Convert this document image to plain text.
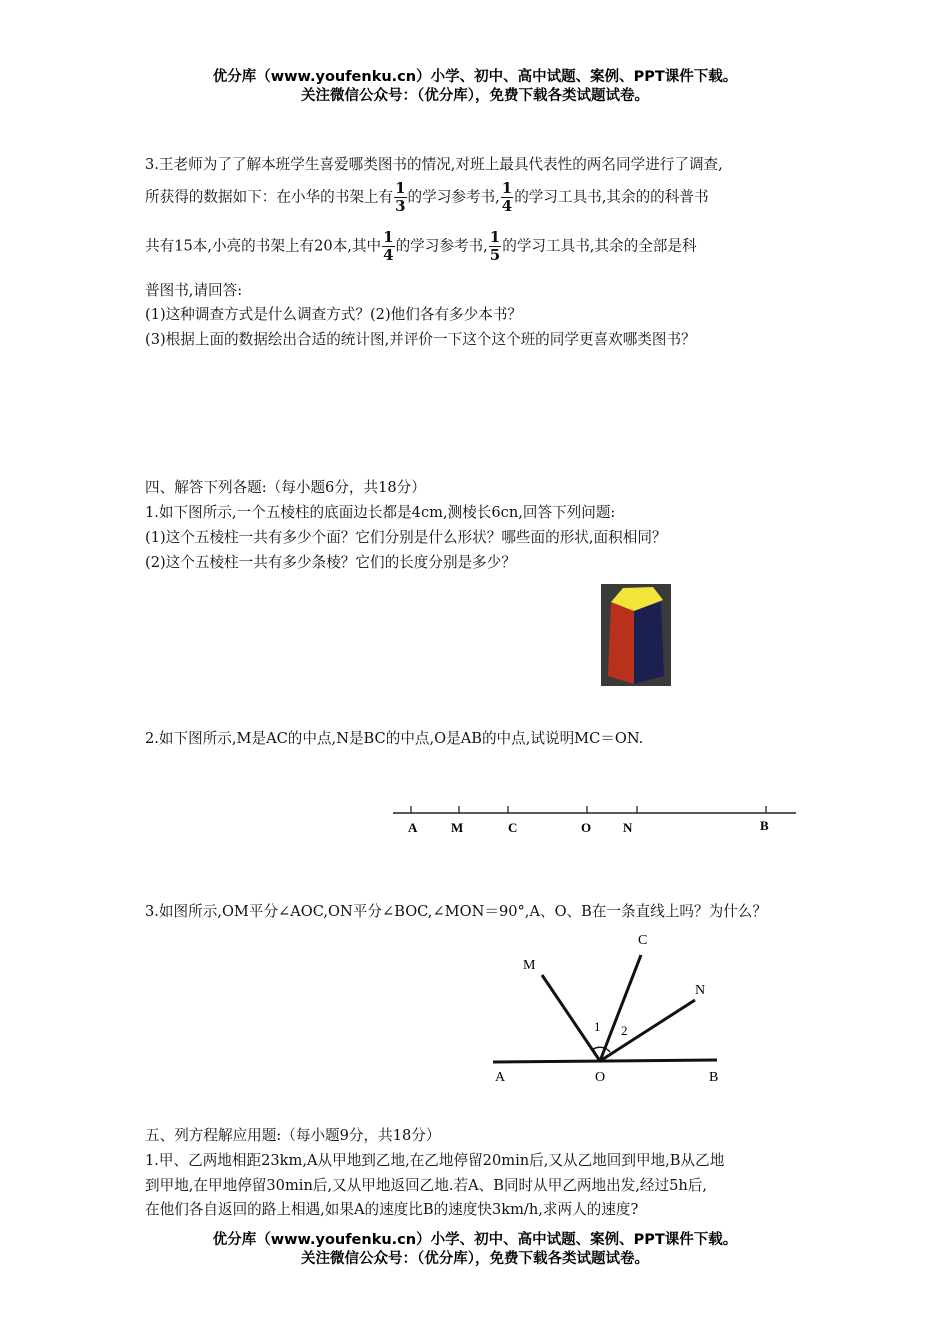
优分库（www.youfenku.cn）小学、初中、高中试题、案例、PPT课件下载。
关注微信公众号：（优分库），免费下载各类试题试卷。
3.王老师为了了解本班学生喜爱哪类图书的情况,对班上最具代表性的两名同学进行了调查,
所获得的数据如下：在小华的书架上有 $\frac{1}{3}$ 的学习参考书, $\frac{1}{4}$ 的学习工具书,其余的的科普书
共有15本,小亮的书架上有20本,其中 $\frac{1}{4}$ 的学习参考书, $\frac{1}{5}$ 的学习工具书,其余的全部是科
普图书,请回答:
(1)这种调查方式是什么调查方式？(2)他们各有多少本书？
(3)根据上面的数据绘出合适的统计图,并评价一下这个这个班的同学更喜欢哪类图书？
四、解答下列各题:（每小题6分，共18分）
1.如下图所示,一个五棱柱的底面边长都是4cm,测棱长6cn,回答下列问题:
(1)这个五棱柱一共有多少个面？它们分别是什么形状？哪些面的形状,面积相同？
(2)这个五棱柱一共有多少条棱？它们的长度分别是多少？
2.如下图所示,M是AC的中点,N是BC的中点,O是AB的中点,试说明MC＝ON.
A	M	C	O N	B
3.如图所示,OM平分∠AOC,ON平分∠BOC,∠MON＝90°,A、O、B在一条直线上吗？为什么？
A	O	B
M
C
N
1 2
五、列方程解应用题:（每小题9分，共18分）
1.甲、乙两地相距23km,A从甲地到乙地,在乙地停留20min后,又从乙地回到甲地,B从乙地
到甲地,在甲地停留30min后,又从甲地返回乙地.若A、B同时从甲乙两地出发,经过5h后,
在他们各自返回的路上相遇,如果A的速度比B的速度快3km/h,求两人的速度?
优分库（www.youfenku.cn）小学、初中、高中试题、案例、PPT课件下载。
关注微信公众号：（优分库），免费下载各类试题试卷。
